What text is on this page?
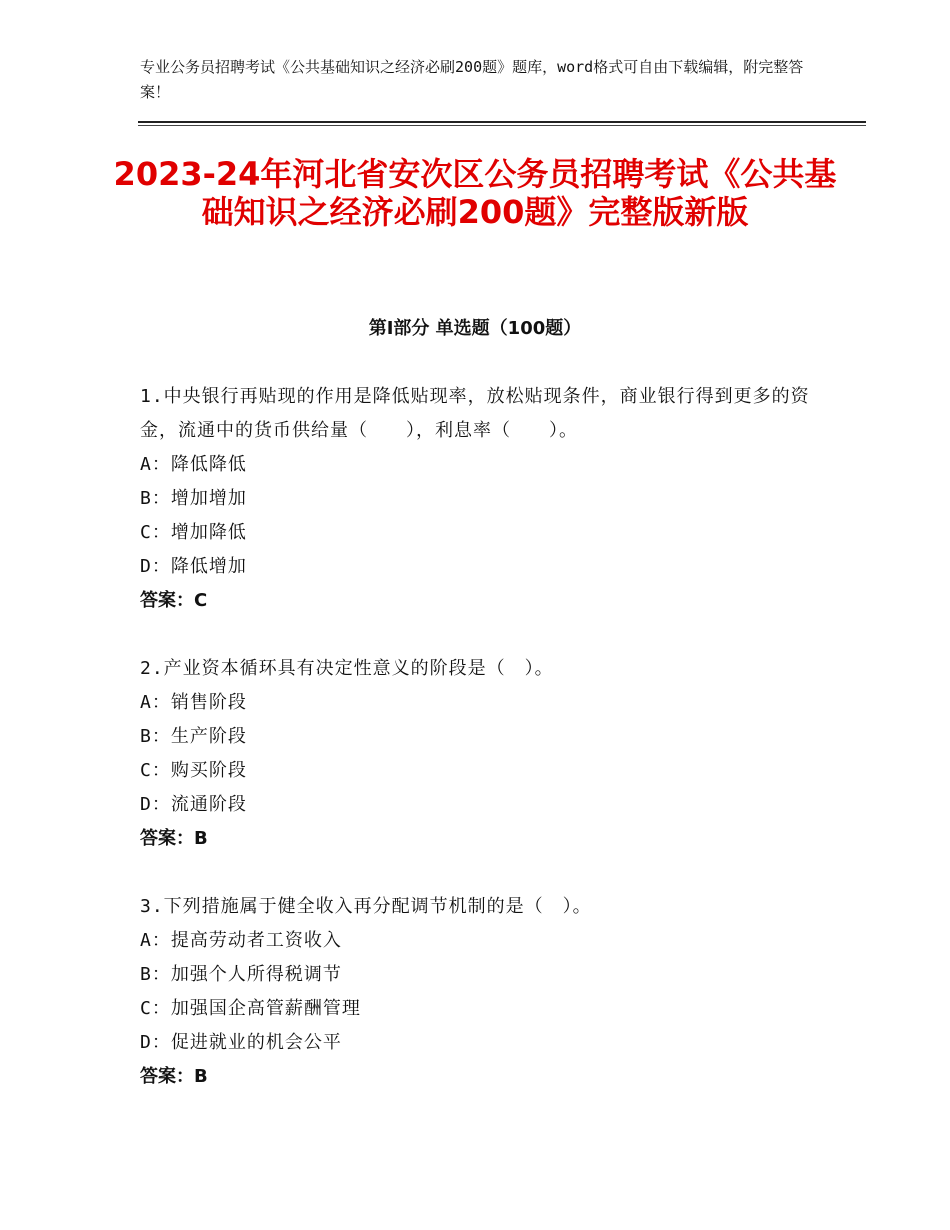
专业公务员招聘考试《公共基础知识之经济必刷200题》题库，word格式可自由下载编辑，附完整答案！
2023-24年河北省安次区公务员招聘考试《公共基础知识之经济必刷200题》完整版新版
第Ⅰ部分 单选题（100题）
1.中央银行再贴现的作用是降低贴现率，放松贴现条件，商业银行得到更多的资金，流通中的货币供给量（　　），利息率（　　）。
A：降低降低
B：增加增加
C：增加降低
D：降低增加
答案：C
2.产业资本循环具有决定性意义的阶段是（　）。
A：销售阶段
B：生产阶段
C：购买阶段
D：流通阶段
答案：B
3.下列措施属于健全收入再分配调节机制的是（　）。
A：提高劳动者工资收入
B：加强个人所得税调节
C：加强国企高管薪酬管理
D：促进就业的机会公平
答案：B
